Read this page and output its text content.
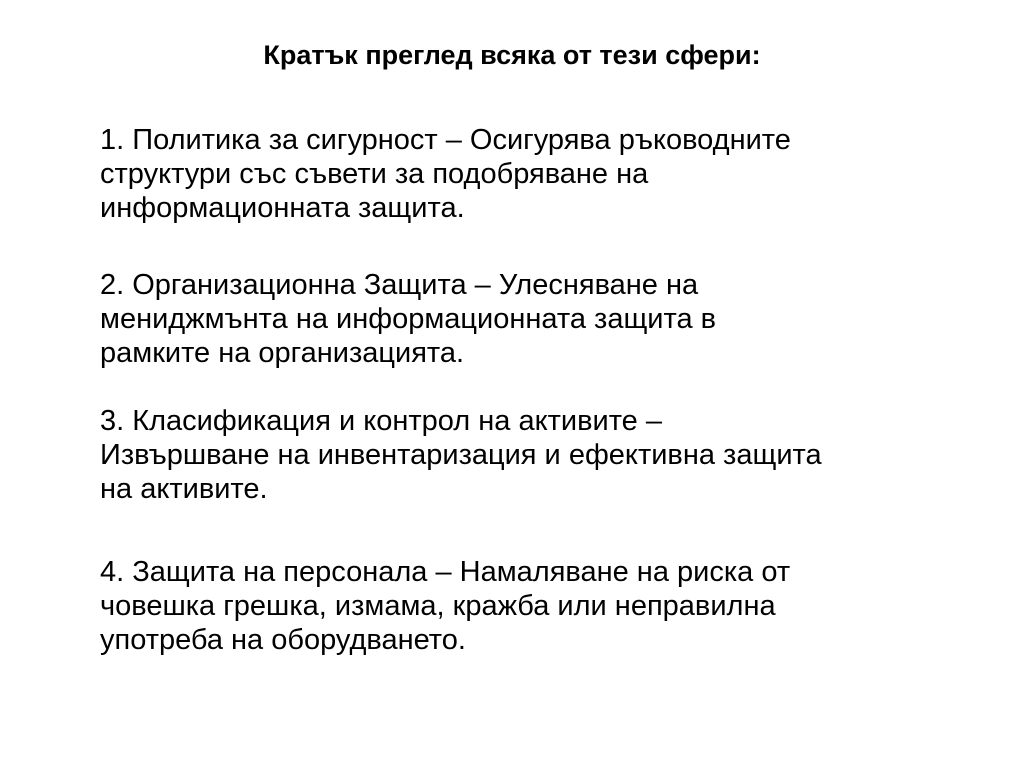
Кратък преглед всяка от тези сфери:
1. Политика за сигурност – Осигурява ръководните
структури със съвети за подобряване на
информационната защита.
2. Организационна Защита – Улесняване на
мениджмънта на информационната защита в
рамките на организацията.
3. Класификация и контрол на активите –
Извършване на инвентаризация и ефективна защита
на активите.
4. Защита на персонала – Намаляване на риска от
човешка грешка, измама, кражба или неправилна
употреба на оборудването.
